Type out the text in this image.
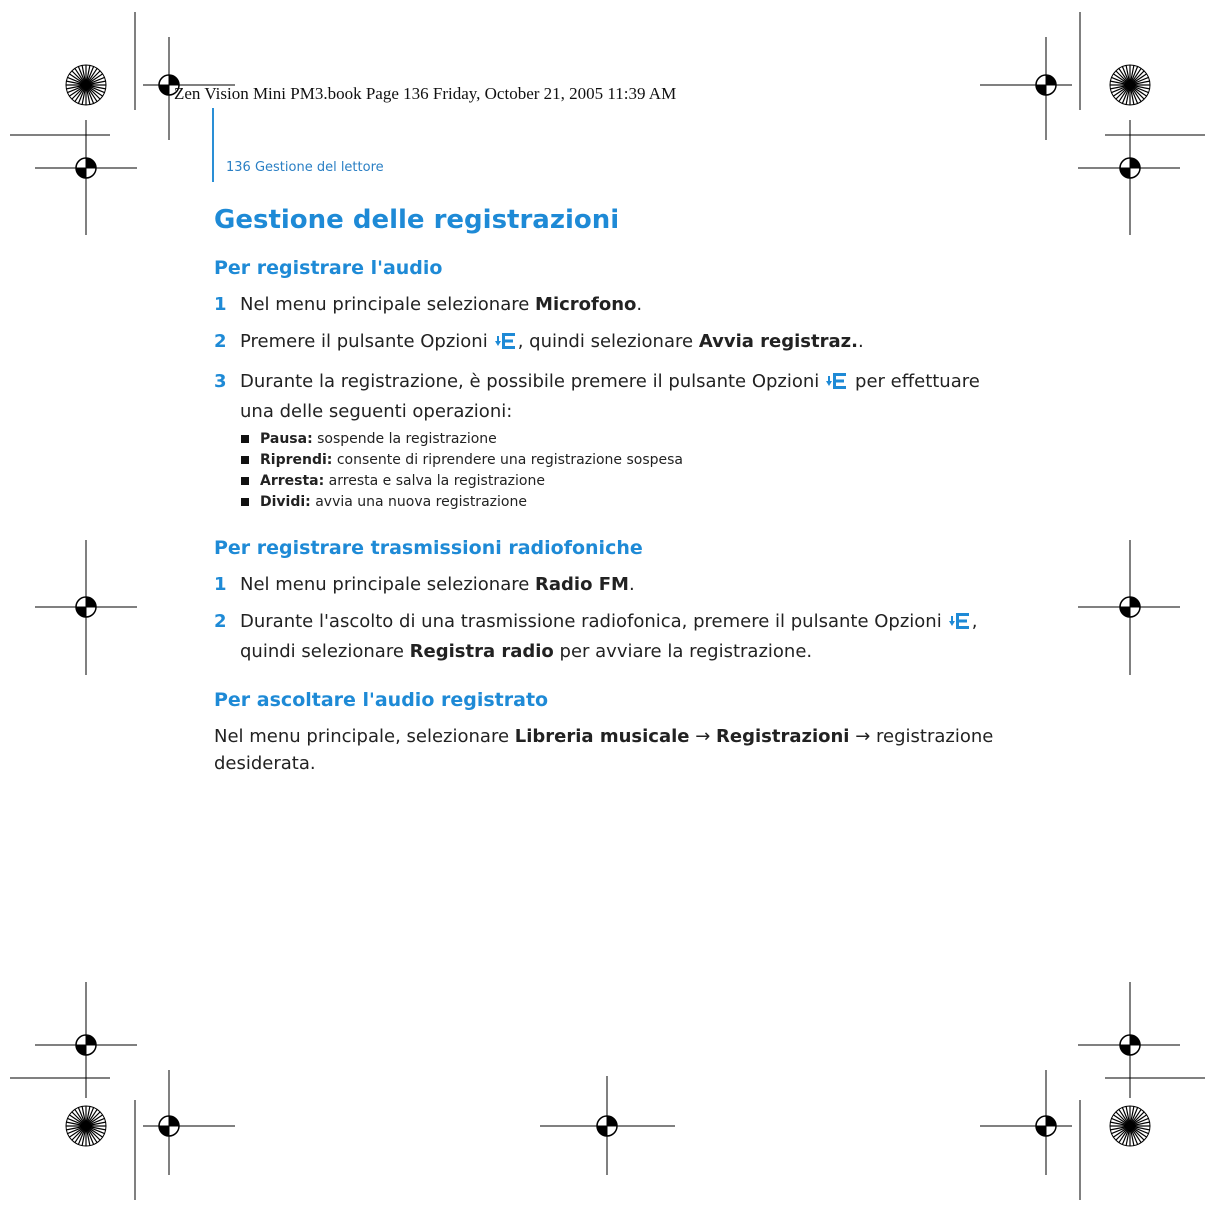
Zen Vision Mini PM3.book Page 136 Friday, October 21, 2005 11:39 AM
136 Gestione del lettore
Gestione delle registrazioni
Per registrare l'audio
1 Nel menu principale selezionare Microfono.
2 Premere il pulsante Opzioni , quindi selezionare Avvia registraz..
3 Durante la registrazione, è possibile premere il pulsante Opzioni per effettuare una delle seguenti operazioni:
Pausa: sospende la registrazione
Riprendi: consente di riprendere una registrazione sospesa
Arresta: arresta e salva la registrazione
Dividi: avvia una nuova registrazione
Per registrare trasmissioni radiofoniche
1 Nel menu principale selezionare Radio FM.
2 Durante l'ascolto di una trasmissione radiofonica, premere il pulsante Opzioni , quindi selezionare Registra radio per avviare la registrazione.
Per ascoltare l'audio registrato
Nel menu principale, selezionare Libreria musicale → Registrazioni → registrazione desiderata.
